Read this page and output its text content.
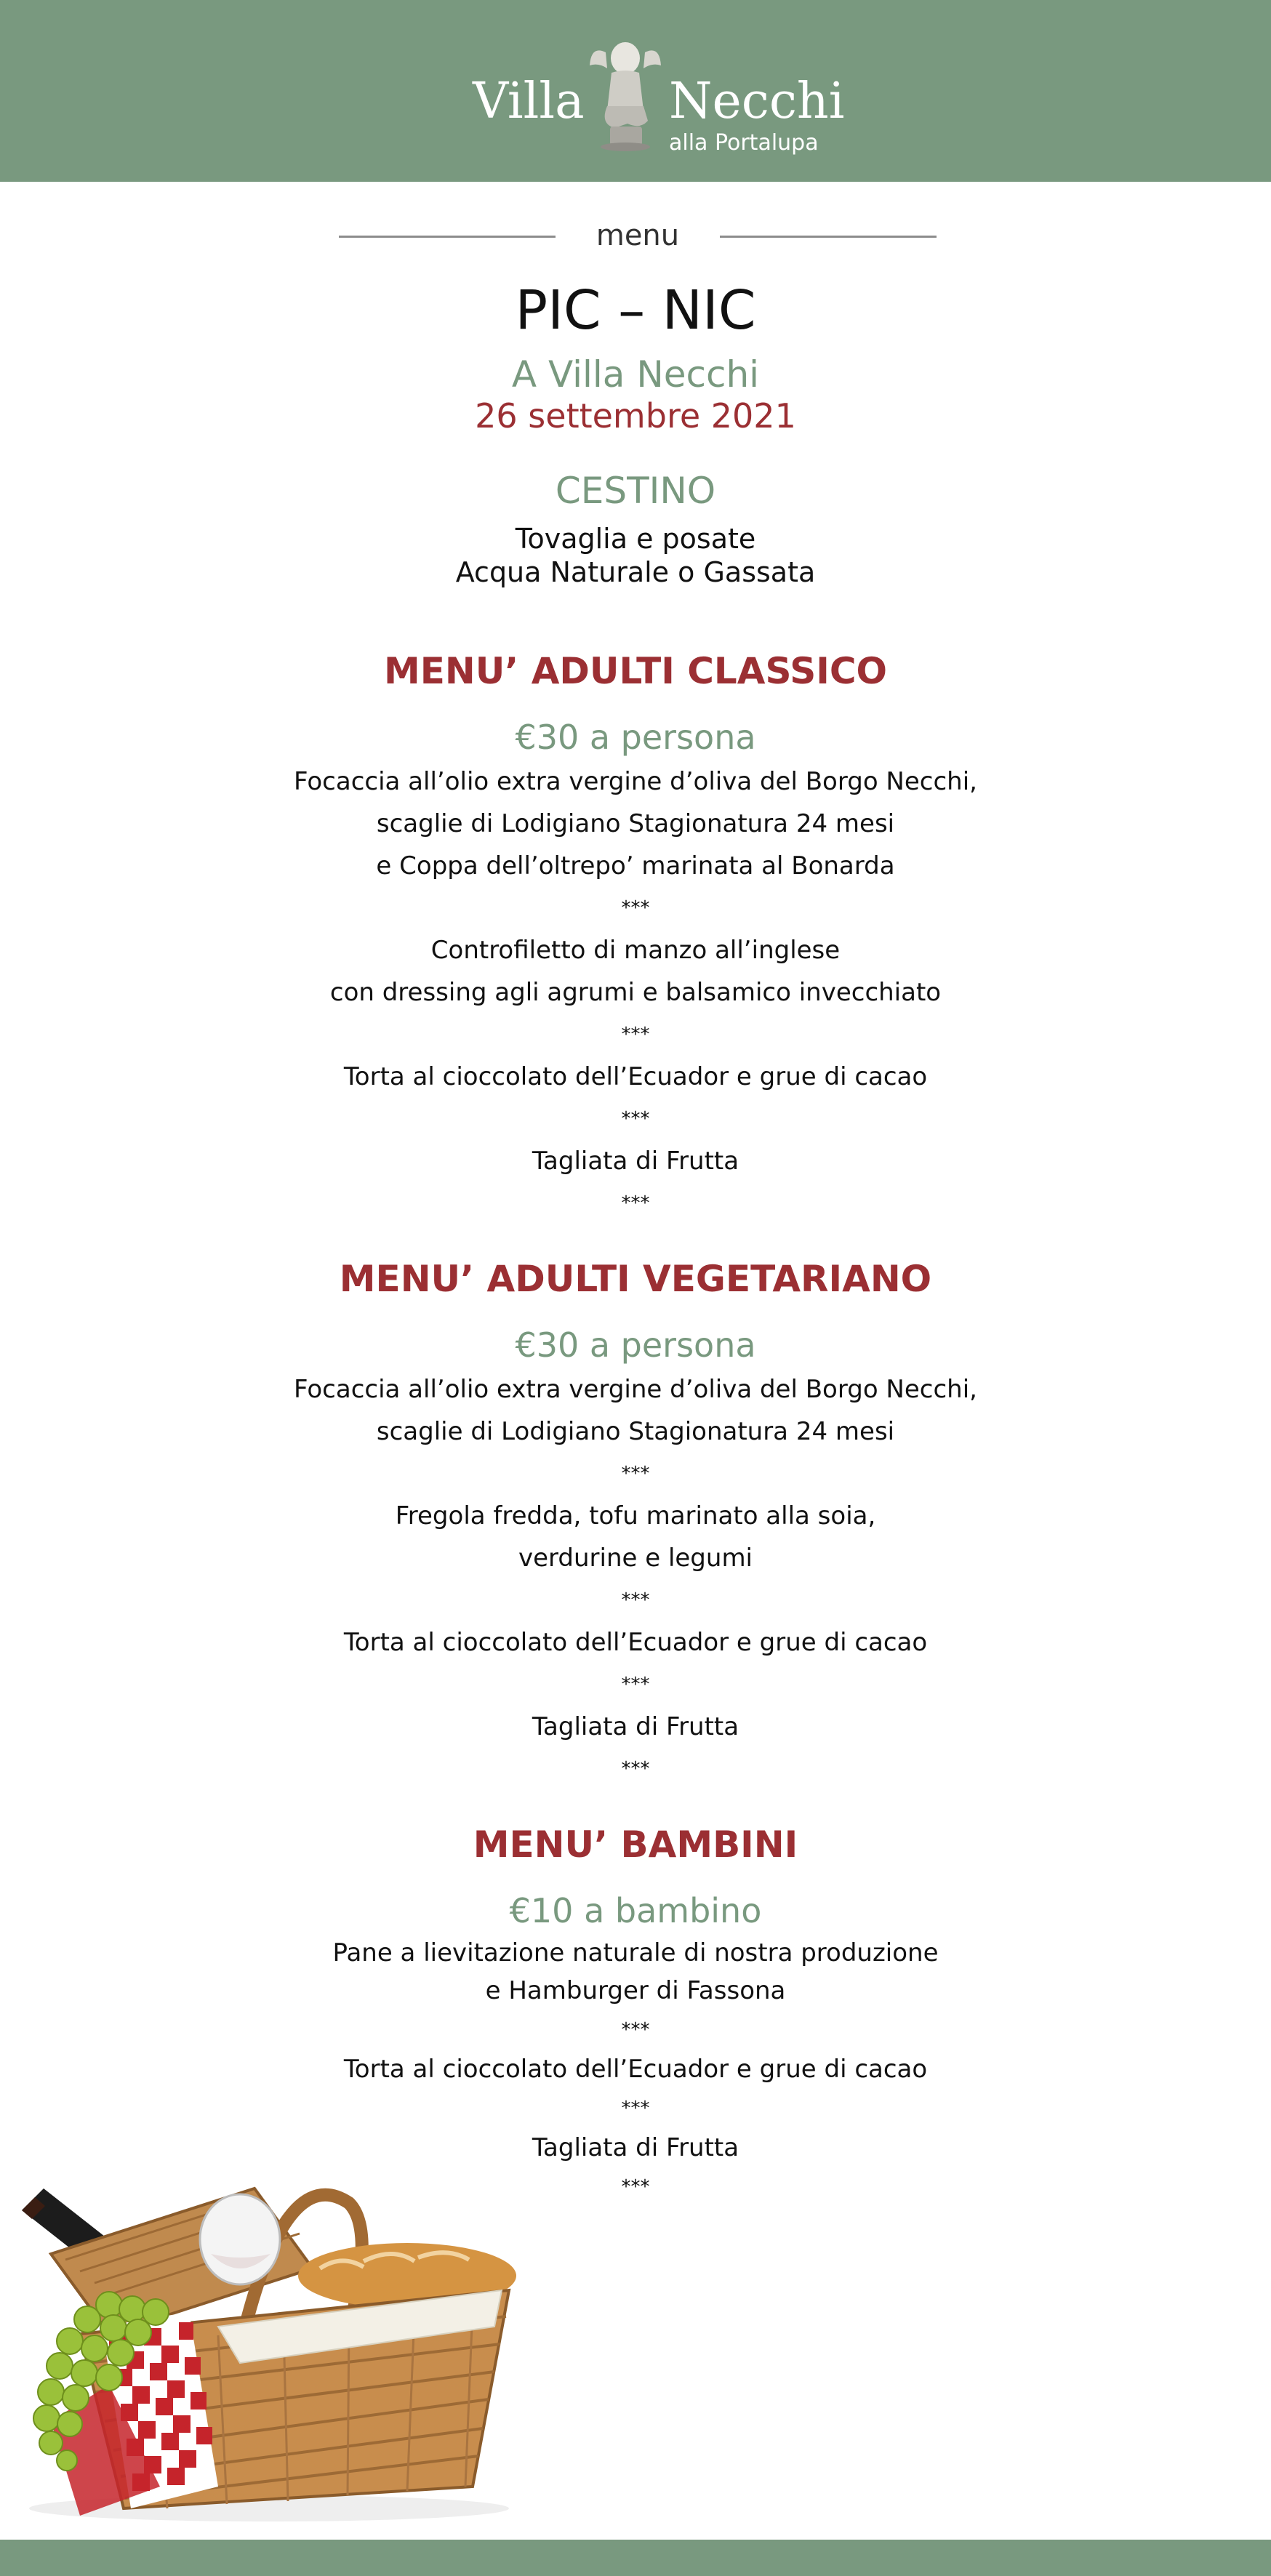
Villa Necchi
alla Portalupa
menu
PIC – NIC
A Villa Necchi
26 settembre 2021
CESTINO
Tovaglia e posate
Acqua Naturale o Gassata
MENU’ ADULTI CLASSICO
€30 a persona
Focaccia all’olio extra vergine d’oliva del Borgo Necchi,
scaglie di Lodigiano Stagionatura 24 mesi
e Coppa dell’oltrepo’ marinata al Bonarda
***
Controfiletto di manzo all’inglese
con dressing agli agrumi e balsamico invecchiato
***
Torta al cioccolato dell’Ecuador e grue di cacao
***
Tagliata di Frutta
***
MENU’ ADULTI VEGETARIANO
€30 a persona
Focaccia all’olio extra vergine d’oliva del Borgo Necchi,
scaglie di Lodigiano Stagionatura 24 mesi
***
Fregola fredda, tofu marinato alla soia,
verdurine e legumi
***
Torta al cioccolato dell’Ecuador e grue di cacao
***
Tagliata di Frutta
***
MENU’ BAMBINI
€10 a bambino
Pane a lievitazione naturale di nostra produzione
e Hamburger di Fassona
***
Torta al cioccolato dell’Ecuador e grue di cacao
***
Tagliata di Frutta
***
